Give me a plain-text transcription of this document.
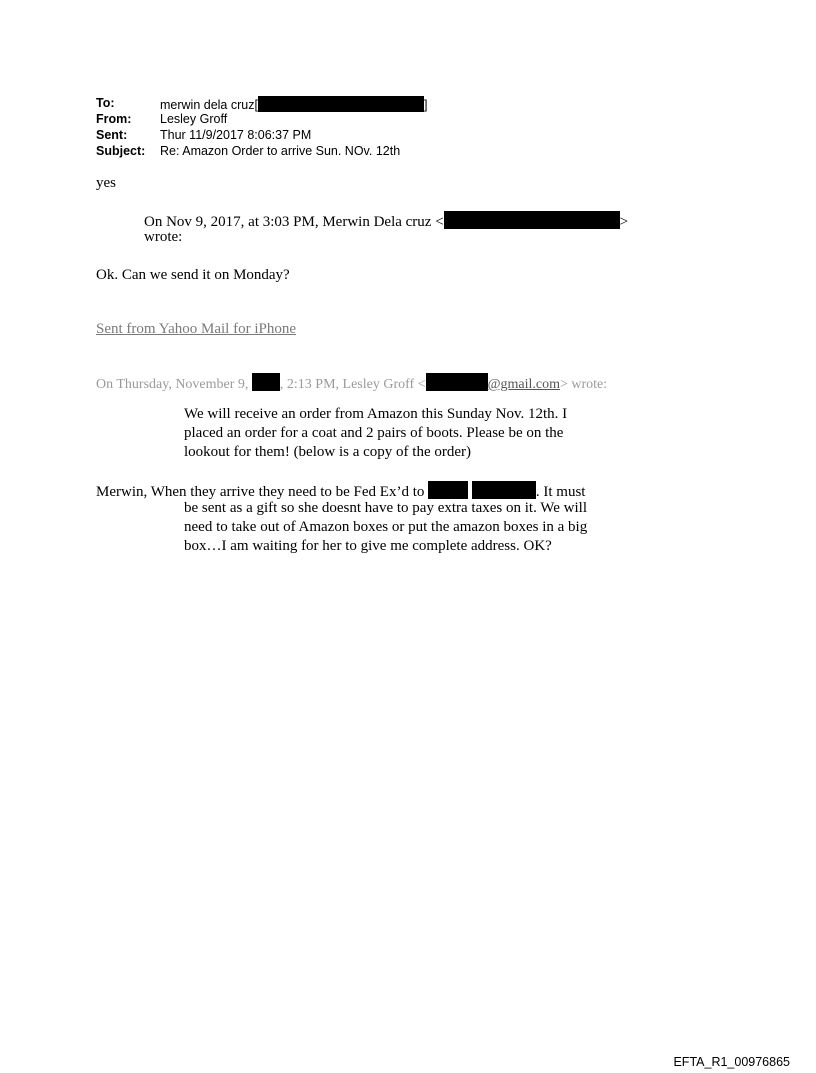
To:	merwin dela cruz[	]
From: Lesley Groff
Sent:	Thur 11/9/2017 8:06:37 PM
Subject: Re: Amazon Order to arrive Sun. NOv. 12th
yes
On Nov 9, 2017, at 3:03 PM, Merwin Dela cruz <	>
wrote:
Ok. Can we send it on Monday?
Sent from Yahoo Mail for iPhone
On Thursday, November 9, , 2:13 PM, Lesley Groff <	@gmail.com> wrote:
We will receive an order from Amazon this Sunday Nov. 12th. I
placed an order for a coat and 2 pairs of boots. Please be on the
lookout for them! (below is a copy of the order)
Merwin, When they arrive they need to be Fed Ex’d to	. It must
be sent as a gift so she doesnt have to pay extra taxes on it. We will
need to take out of Amazon boxes or put the amazon boxes in a big
box…I am waiting for her to give me complete address. OK?
EFTA_R1_00976865
